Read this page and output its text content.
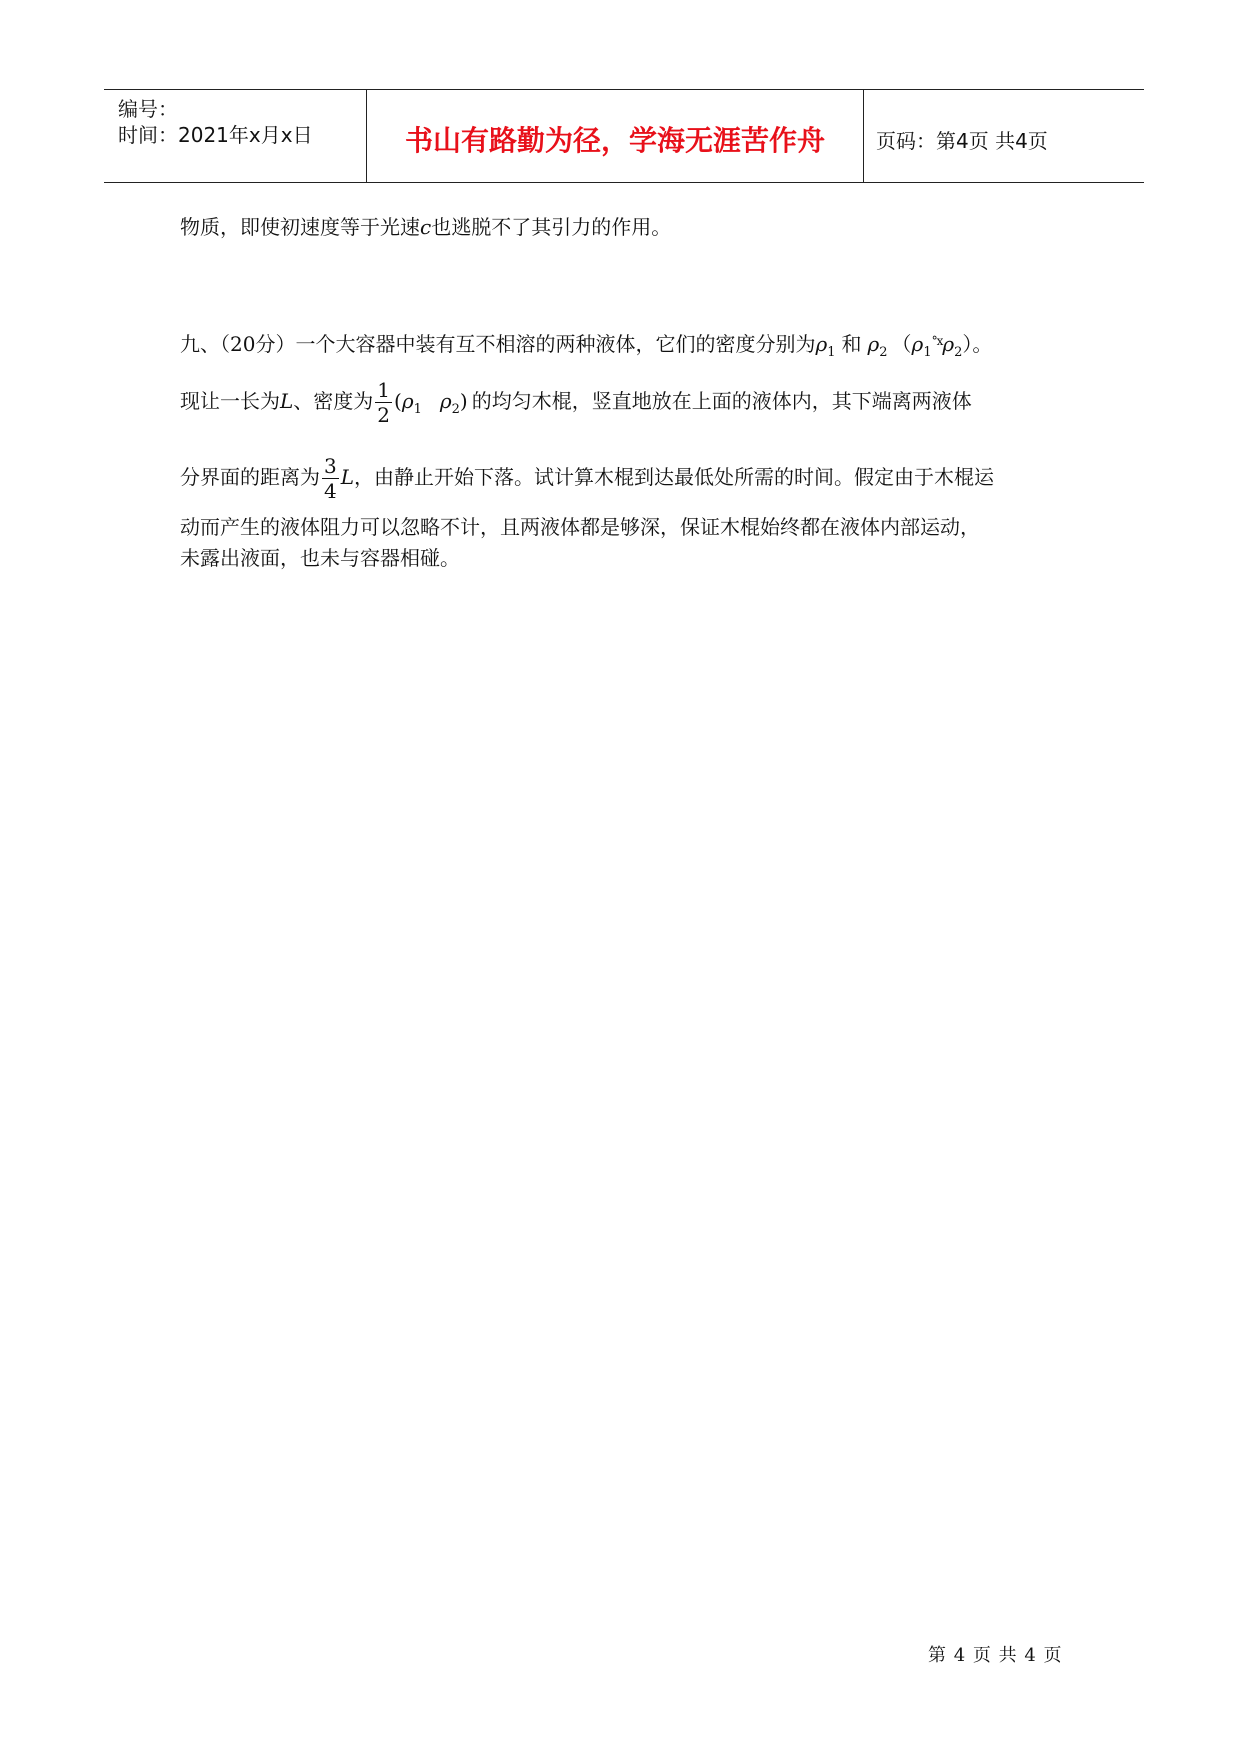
编号：
时间：2021年x月x日	书山有路勤为径，学海无涯苦作舟	页码：第4页 共4页
物质，即使初速度等于光速c也逃脱不了其引力的作用。
九、（20分）一个大容器中装有互不相溶的两种液体，它们的密度分别为$\rho_1$ 和 $\rho_2$ $(\rho_1^{^\circ x}\rho_2)$。
现让一长为L、密度为 $\frac{1}{2} (\rho_1$ $\rho_2$) 的均匀木棍，竖直地放在上面的液体内，其下端离两液体
分界面的距离为 $\frac{3}{4}$ L，由静止开始下落。试计算木棍到达最低处所需的时间。假定由于木棍运
动而产生的液体阻力可以忽略不计，且两液体都是够深，保证木棍始终都在液体内部运动，
未露出液面，也未与容器相碰。
第 4 页 共 4 页
